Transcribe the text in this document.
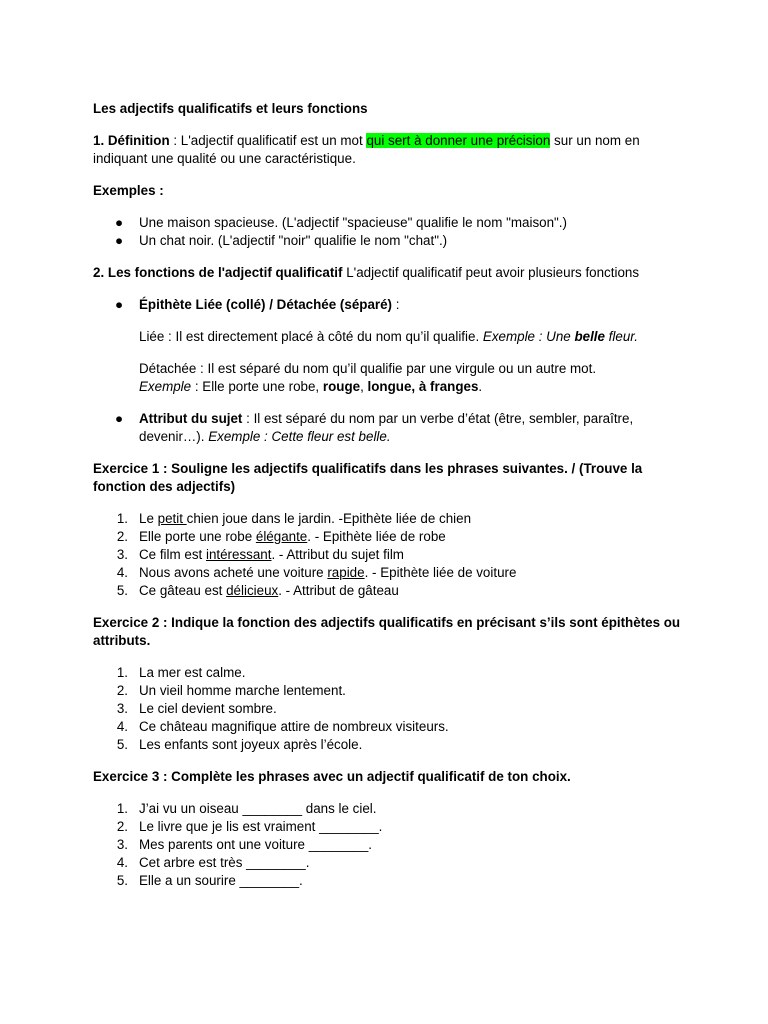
Les adjectifs qualificatifs et leurs fonctions

1. Définition : L'adjectif qualificatif est un mot qui sert à donner une précision sur un nom en indiquant une qualité ou une caractéristique.

Exemples :

● Une maison spacieuse. (L'adjectif "spacieuse" qualifie le nom "maison".)
● Un chat noir. (L'adjectif "noir" qualifie le nom "chat".)

2. Les fonctions de l'adjectif qualificatif L'adjectif qualificatif peut avoir plusieurs fonctions

● Épithète Liée (collé) / Détachée (séparé) :

Liée : Il est directement placé à côté du nom qu’il qualifie. Exemple : Une belle fleur.

Détachée : Il est séparé du nom qu’il qualifie par une virgule ou un autre mot.
Exemple : Elle porte une robe, rouge, longue, à franges.

● Attribut du sujet : Il est séparé du nom par un verbe d’état (être, sembler, paraître, devenir…). Exemple : Cette fleur est belle.

Exercice 1 : Souligne les adjectifs qualificatifs dans les phrases suivantes. / (Trouve la fonction des adjectifs)

1. Le petit chien joue dans le jardin. -Epithète liée de chien
2. Elle porte une robe élégante. - Epithète liée de robe
3. Ce film est intéressant. - Attribut du sujet film
4. Nous avons acheté une voiture rapide. - Epithète liée de voiture
5. Ce gâteau est délicieux. - Attribut de gâteau

Exercice 2 : Indique la fonction des adjectifs qualificatifs en précisant s’ils sont épithètes ou attributs.

1. La mer est calme.
2. Un vieil homme marche lentement.
3. Le ciel devient sombre.
4. Ce château magnifique attire de nombreux visiteurs.
5. Les enfants sont joyeux après l’école.

Exercice 3 : Complète les phrases avec un adjectif qualificatif de ton choix.

1. J’ai vu un oiseau ________ dans le ciel.
2. Le livre que je lis est vraiment ________.
3. Mes parents ont une voiture ________.
4. Cet arbre est très ________.
5. Elle a un sourire ________.
